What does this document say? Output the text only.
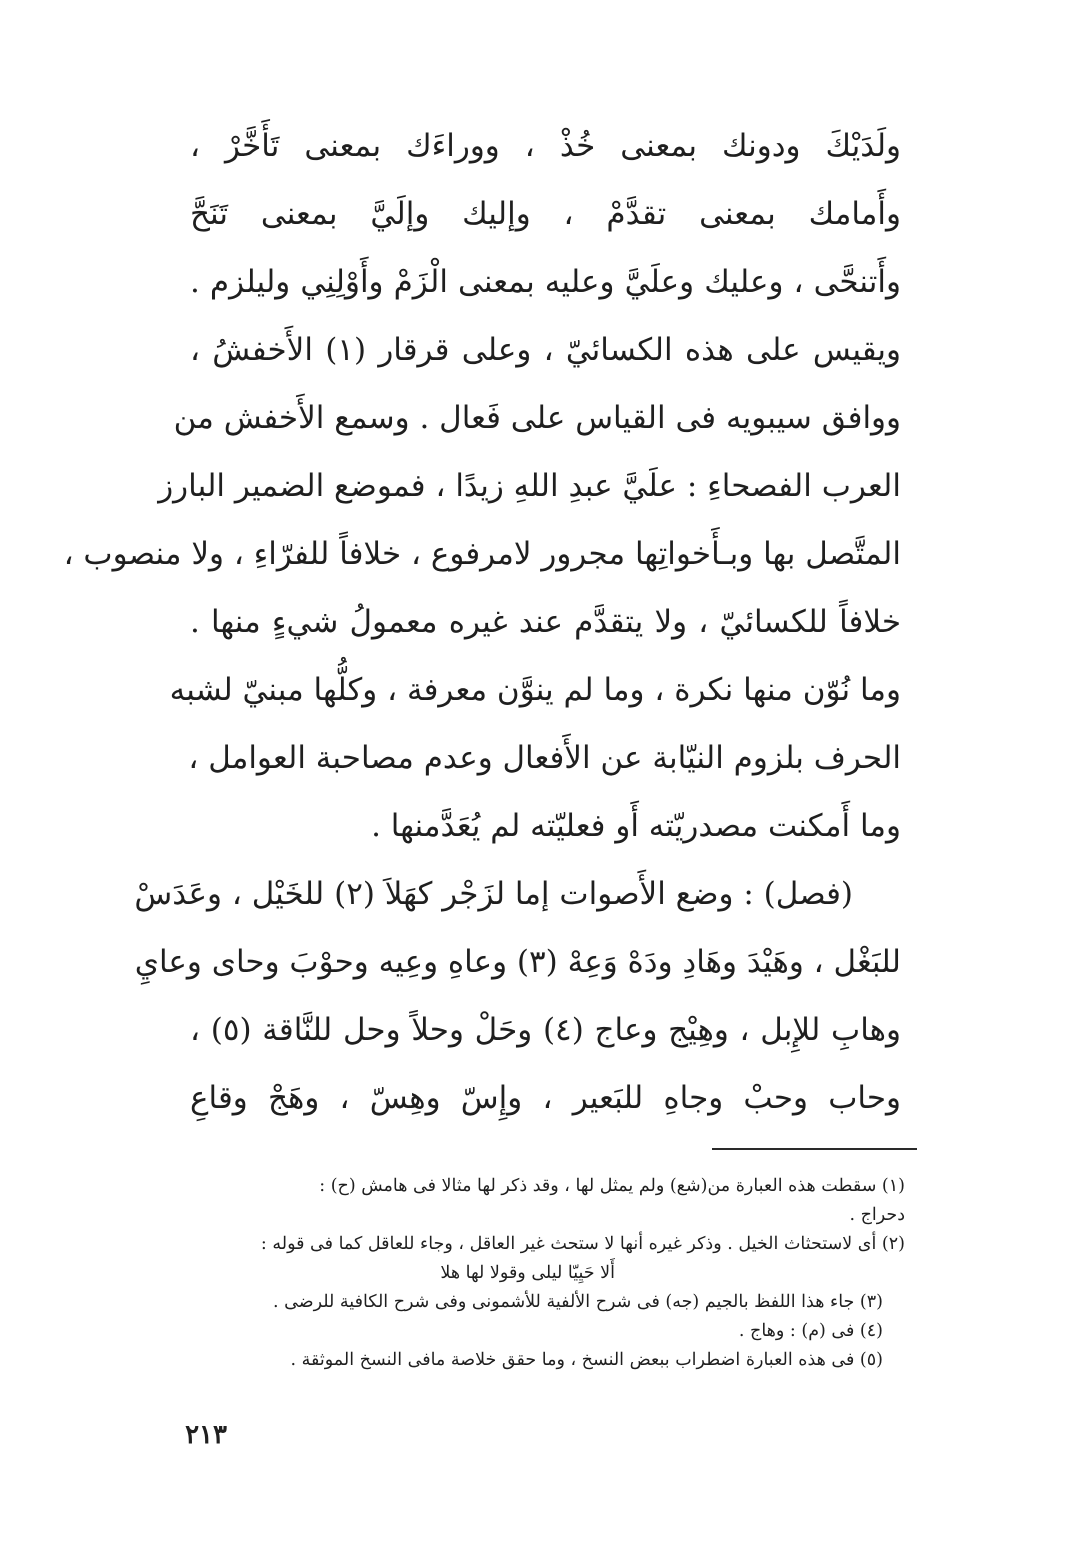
ولَدَيْكَ ودونك بمعنى خُذْ ، ووراءَك بمعنى تَأَخَّرْ ،
وأَمامك بمعنى تقدَّمْ ، وإليك وإلَيَّ بمعنى تَنَحَّ
وأَتنحَّى ، وعليك وعلَيَّ وعليه بمعنى الْزَمْ وأَوْلِنِي وليلزم .
ويقيس على هذه الكسائيّ ، وعلى قرقار (١) الأَخفشُ ،
ووافق سيبويه فى القياس على فَعال . وسمع الأَخفش من
العرب الفصحاءِ : علَيَّ عبدِ اللهِ زيدًا ، فموضع الضمير البارز
المتَّصل بها وبـأَخواتِها مجرور لامرفوع ، خلافاً للفرّاءِ ، ولا منصوب ،
خلافاً للكسائيّ ، ولا يتقدَّم عند غيره معمولُ شيءٍ منها .
وما نُوّن منها نكرة ، وما لم ينوَّن معرفة ، وكلُّها مبنيّ لشبه
الحرف بلزوم النيّابة عن الأَفعال وعدم مصاحبة العوامل ،
وما أَمكنت مصدريّته أَو فعليّته لم يُعَدَّمنها .
(فصل) : وضع الأَصوات إما لزَجْر كهَلاَ (٢) للخَيْل ، وعَدَسْ
للبَغْل ، وهَيْدَ وهَادِ ودَهْ وَعِهْ (٣) وعاهِ وعِيه وحوْبَ وحاى وعايِ
وهابِ للإِبل ، وهِيْج وعاج (٤) وحَلْ وحلاً وحل للنَّاقة (٥) ،
وحاب وحبْ وجاهِ للبَعير ، وإِسّ وهِسّ ، وهَجْ وقاعِ
(١) سقطت هذه العبارة من(شع) ولم يمثل لها ، وقد ذكر لها مثالا فى هامش (ح) :
دحراج .
(٢) أى لاستحثاث الخيل . وذكر غيره أنها لا ستحث غير العاقل ، وجاء للعاقل كما فى قوله :
أَلا حَيِيّا ليلى وقولا لها هلا
(٣) جاء هذا اللفظ بالجيم (جه) فى شرح الألفية للأشمونى وفى شرح الكافية للرضى .
(٤) فى (م) : وهاج .
(٥) فى هذه العبارة اضطراب ببعض النسخ ، وما حقق خلاصة مافى النسخ الموثقة .
٢١٣
